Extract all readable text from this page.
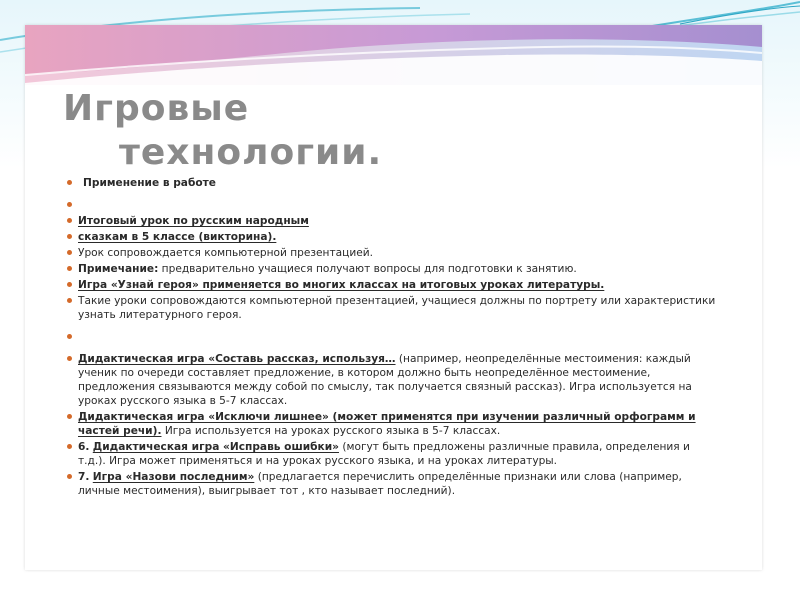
Игровые
технологии.

Применение в работе

Итоговый урок по русским народным

сказкам в 5 классе (викторина).

Урок сопровождается компьютерной презентацией.

Примечание: предварительно учащиеся получают вопросы для подготовки к занятию.

Игра «Узнай героя» применяется во многих классах на итоговых уроках литературы.

Такие уроки сопровождаются компьютерной презентацией, учащиеся должны по портрету или характеристики узнать литературного героя.

Дидактическая игра «Составь рассказ, используя… (например, неопределённые местоимения: каждый ученик по очереди составляет предложение, в котором должно быть неопределённое местоимение, предложения связываются между собой по смыслу, так получается связный рассказ). Игра используется на уроках русского языка в 5-7 классах.

Дидактическая игра «Исключи лишнее» (может применятся при изучении различный орфограмм и частей речи). Игра используется на уроках русского языка в 5-7 классах.

6. Дидактическая игра «Исправь ошибки» (могут быть предложены различные правила, определения и т.д.). Игра может применяться и на уроках русского языка, и на уроках литературы.

7. Игра «Назови последним» (предлагается перечислить определённые признаки или слова (например, личные местоимения), выигрывает тот , кто называет последний).
